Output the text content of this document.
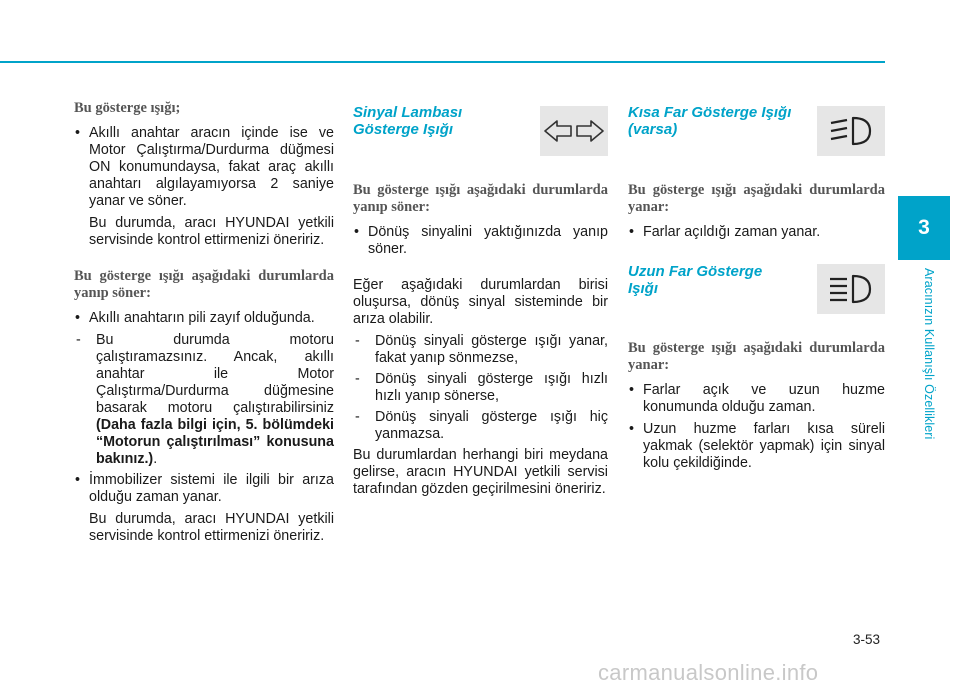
3
Aracınızın Kullanışlı Özellikleri
Bu gösterge ışığı;
• Akıllı anahtar aracın içinde ise ve Motor Çalıştırma/Durdurma düğmesi ON konumundaysa, fakat araç akıllı anahtarı algılayamıyorsa 2 saniye yanar ve söner.
Bu durumda, aracı HYUNDAI yetkili servisinde kontrol ettirmenizi öneririz.
Bu gösterge ışığı aşağıdaki durumlarda yanıp söner:
• Akıllı anahtarın pili zayıf olduğunda.
- Bu durumda motoru çalıştıramazsınız. Ancak, akıllı anahtar ile Motor Çalıştırma/Durdurma düğmesine basarak motoru çalıştırabilirsiniz (Daha fazla bilgi için, 5. bölümdeki “Motorun çalıştırılması” konusuna bakınız.).
• İmmobilizer sistemi ile ilgili bir arıza olduğu zaman yanar.
Bu durumda, aracı HYUNDAI yetkili servisinde kontrol ettirmenizi öneririz.
Sinyal Lambası
Gösterge Işığı
Bu gösterge ışığı aşağıdaki durumlarda yanıp söner:
• Dönüş sinyalini yaktığınızda yanıp söner.
Eğer aşağıdaki durumlardan birisi oluşursa, dönüş sinyal sisteminde bir arıza olabilir.
- Dönüş sinyali gösterge ışığı yanar, fakat yanıp sönmezse,
- Dönüş sinyali gösterge ışığı hızlı hızlı yanıp sönerse,
- Dönüş sinyali gösterge ışığı hiç yanmazsa.
Bu durumlardan herhangi biri meydana gelirse, aracın HYUNDAI yetkili servisi tarafından gözden geçirilmesini öneririz.
Kısa Far Gösterge Işığı
(varsa)
Bu gösterge ışığı aşağıdaki durumlarda yanar:
• Farlar açıldığı zaman yanar.
Uzun Far Gösterge
Işığı
Bu gösterge ışığı aşağıdaki durumlarda yanar:
• Farlar açık ve uzun huzme konumunda olduğu zaman.
• Uzun huzme farları kısa süreli yakmak (selektör yapmak) için sinyal kolu çekildiğinde.
3-53
carmanualsonline.info
